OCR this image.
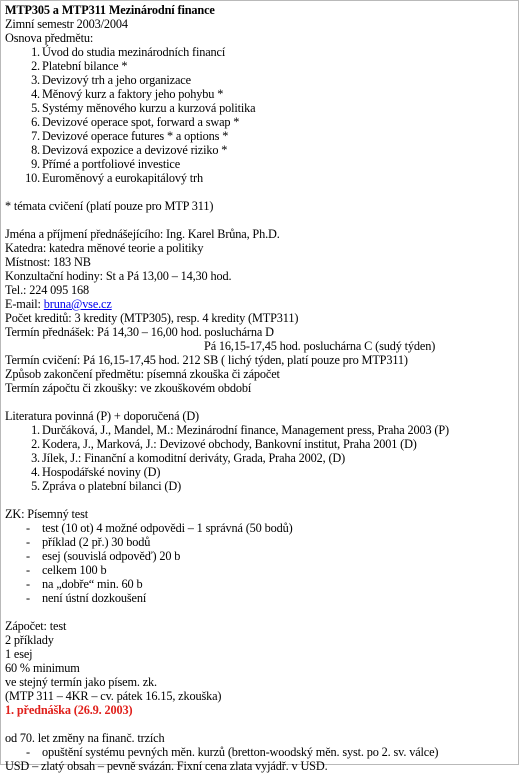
MTP305 a MTP311 Mezinárodní finance
Zimní semestr 2003/2004
Osnova předmětu:
1. Úvod do studia mezinárodních financí
2. Platební bilance *
3. Devizový trh a jeho organizace
4. Měnový kurz a faktory jeho pohybu *
5. Systémy měnového kurzu a kurzová politika
6. Devizové operace spot, forward a swap *
7. Devizové operace futures * a options *
8. Devizová expozice a devizové riziko *
9. Přímé a portfoliové investice
10. Euroměnový a eurokapitálový trh
* témata cvičení (platí pouze pro MTP 311)
Jména a příjmení přednášejícího: Ing. Karel Brůna, Ph.D.
Katedra: katedra měnové teorie a politiky
Místnost: 183 NB
Konzultační hodiny: St a Pá 13,00 – 14,30 hod.
Tel.: 224 095 168
E-mail: bruna@vse.cz
Počet kreditů: 3 kredity (MTP305), resp. 4 kredity (MTP311)
Termín přednášek: Pá 14,30 – 16,00 hod. posluchárna D
Pá 16,15-17,45 hod. posluchárna C (sudý týden)
Termín cvičení: Pá 16,15-17,45 hod. 212 SB ( lichý týden, platí pouze pro MTP311)
Způsob zakončení předmětu: písemná zkouška či zápočet
Termín zápočtu či zkoušky: ve zkouškovém období
Literatura povinná (P) + doporučená (D)
1. Durčáková, J., Mandel, M.: Mezinárodní finance, Management press, Praha 2003 (P)
2. Kodera, J., Marková, J.: Devizové obchody, Bankovní institut, Praha 2001 (D)
3. Jílek, J.: Finanční a komoditní deriváty, Grada, Praha 2002, (D)
4. Hospodářské noviny (D)
5. Zpráva o platební bilanci (D)
ZK: Písemný test
- test (10 ot) 4 možné odpovědi – 1 správná (50 bodů)
- příklad (2 př.) 30 bodů
- esej (souvislá odpověď) 20 b
- celkem 100 b
- na „dobře“ min. 60 b
- není ústní dozkoušení
Zápočet: test
2 příklady
1 esej
60 % minimum
ve stejný termín jako písem. zk.
(MTP 311 – 4KR – cv. pátek 16.15, zkouška)
1. přednáška (26.9. 2003)
od 70. let změny na finanč. trzích
- opuštění systému pevných měn. kurzů (bretton-woodský měn. syst. po 2. sv. válce)
USD – zlatý obsah – pevně svázán. Fixní cena zlata vyjádř. v USD.
